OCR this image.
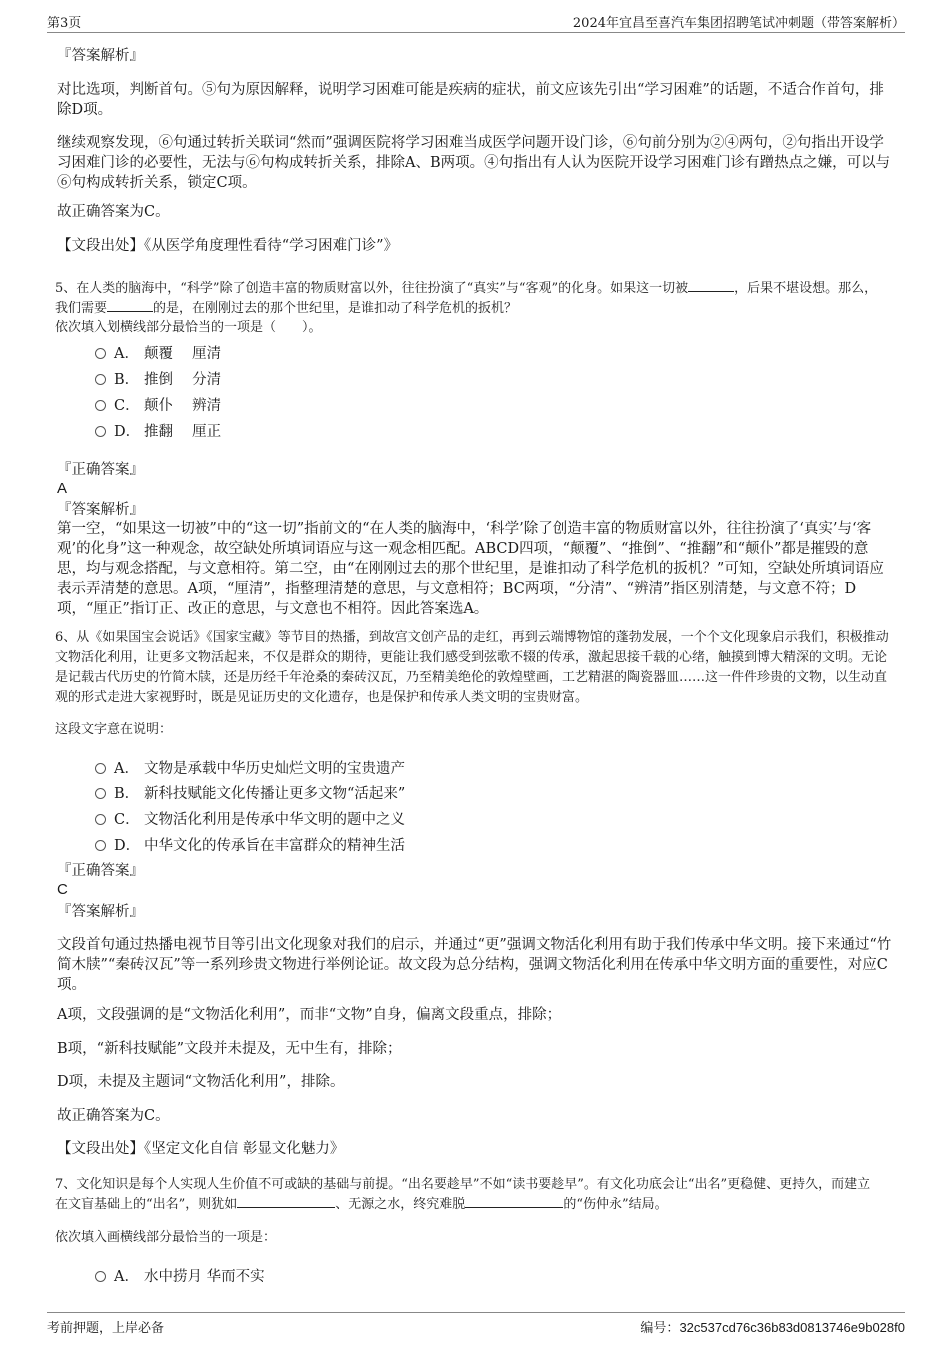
第3页	2024年宜昌至喜汽车集团招聘笔试冲刺题（带答案解析）
『答案解析』
对比选项，判断首句。⑤句为原因解释，说明学习困难可能是疾病的症状，前文应该先引出“学习困难”的话题，不适合作首句，排除D项。
继续观察发现，⑥句通过转折关联词“然而”强调医院将学习困难当成医学问题开设门诊，⑥句前分别为②④两句，②句指出开设学习困难门诊的必要性，无法与⑥句构成转折关系，排除A、B两项。④句指出有人认为医院开设学习困难门诊有蹭热点之嫌，可以与⑥句构成转折关系，锁定C项。
故正确答案为C。
【文段出处】《从医学角度理性看待“学习困难门诊”》
5、在人类的脑海中，“科学”除了创造丰富的物质财富以外，往往扮演了“真实”与“客观”的化身。如果这一切被	，后果不堪设想。那么，
我们需要	的是，在刚刚过去的那个世纪里，是谁扣动了科学危机的扳机？
依次填入划横线部分最恰当的一项是（　　）。
A． 颠覆　 厘清
B． 推倒　 分清
C． 颠仆　 辨清
D． 推翻　 厘正
『正确答案』
A
『答案解析』
第一空，“如果这一切被”中的“这一切”指前文的“在人类的脑海中，‘科学’除了创造丰富的物质财富以外，往往扮演了‘真实’与‘客观’的化身”这一种观念，故空缺处所填词语应与这一观念相匹配。ABCD四项，“颠覆”、“推倒”、“推翻”和“颠仆”都是摧毁的意思，均与观念搭配，与文意相符。第二空，由“在刚刚过去的那个世纪里，是谁扣动了科学危机的扳机？”可知，空缺处所填词语应表示弄清楚的意思。A项，“厘清”，指整理清楚的意思，与文意相符；BC两项，“分清”、“辨清”指区别清楚，与文意不符；D项，“厘正”指订正、改正的意思，与文意也不相符。因此答案选A。
6、从《如果国宝会说话》《国家宝藏》等节目的热播，到故宫文创产品的走红，再到云端博物馆的蓬勃发展，一个个文化现象启示我们，积极推动文物活化利用，让更多文物活起来，不仅是群众的期待，更能让我们感受到弦歌不辍的传承，激起思接千载的心绪，触摸到博大精深的文明。无论是记载古代历史的竹简木牍，还是历经千年沧桑的秦砖汉瓦，乃至精美绝伦的敦煌壁画，工艺精湛的陶瓷器皿……这一件件珍贵的文物，以生动直观的形式走进大家视野时，既是见证历史的文化遗存，也是保护和传承人类文明的宝贵财富。
这段文字意在说明：
A． 文物是承载中华历史灿烂文明的宝贵遗产
B． 新科技赋能文化传播让更多文物“活起来”
C． 文物活化利用是传承中华文明的题中之义
D． 中华文化的传承旨在丰富群众的精神生活
『正确答案』
C
『答案解析』
文段首句通过热播电视节目等引出文化现象对我们的启示，并通过“更”强调文物活化利用有助于我们传承中华文明。接下来通过“竹简木牍”“秦砖汉瓦”等一系列珍贵文物进行举例论证。故文段为总分结构，强调文物活化利用在传承中华文明方面的重要性，对应C项。
A项，文段强调的是“文物活化利用”，而非“文物”自身，偏离文段重点，排除；
B项，“新科技赋能”文段并未提及，无中生有，排除；
D项，未提及主题词“文物活化利用”，排除。
故正确答案为C。
【文段出处】《坚定文化自信 彰显文化魅力》
7、文化知识是每个人实现人生价值不可或缺的基础与前提。“出名要趁早”不如“读书要趁早”。有文化功底会让“出名”更稳健、更持久，而建立
在文盲基础上的“出名”，则犹如	、无源之水，终究难脱	的“伤仲永”结局。
依次填入画横线部分最恰当的一项是：
A． 水中捞月 华而不实
考前押题，上岸必备	编号：32c537cd76c36b83d0813746e9b028f0
